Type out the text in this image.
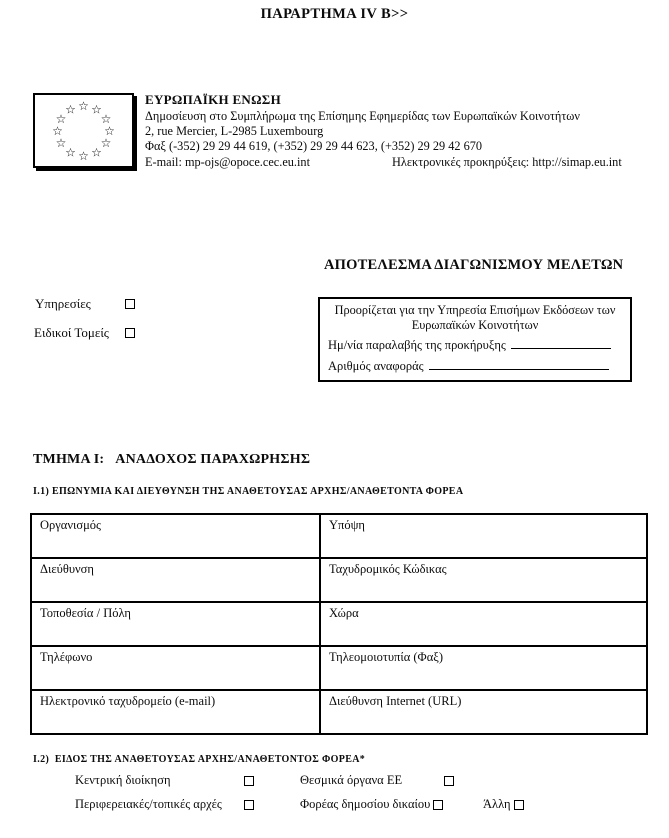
ΠΑΡΑΡΤΗΜΑ IV B>>
☆ ☆
☆
☆
☆
☆
☆
☆
☆
☆
☆
☆
ΕΥΡΩΠΑΪΚΗ ΕΝΩΣΗ
Δημοσίευση στο Συμπλήρωμα της Επίσημης Εφημερίδας των Ευρωπαϊκών Κοινοτήτων
2, rue Mercier, L-2985 Luxembourg
Φαξ (-352) 29 29 44 619, (+352) 29 29 44 623, (+352) 29 29 42 670
E-mail: mp-ojs@opoce.cec.eu.int	Ηλεκτρονικές προκηρύξεις: http://simap.eu.int
ΑΠΟΤΕΛΕΣΜΑ ΔΙΑΓΩΝΙΣΜΟΥ ΜΕΛΕΤΩΝ
Υπηρεσίες
Ειδικοί Τομείς
Προορίζεται για την Υπηρεσία Επισήμων Εκδόσεων των
Ευρωπαϊκών Κοινοτήτων
Ημ/νία παραλαβής της προκήρυξης
Αριθμός αναφοράς
ΤΜΗΜΑ I:   ΑΝΑΔΟΧΟΣ ΠΑΡΑΧΩΡΗΣΗΣ
I.1) ΕΠΩΝΥΜΙΑ ΚΑΙ ΔΙΕΥΘΥΝΣΗ ΤΗΣ ΑΝΑΘΕΤΟΥΣΑΣ ΑΡΧΗΣ/ΑΝΑΘΕΤΟΝΤΑ ΦΟΡΕΑ
Οργανισμός	Υπόψη
Διεύθυνση	Ταχυδρομικός Κώδικας
Τοποθεσία / Πόλη	Χώρα
Τηλέφωνο	Τηλεομοιοτυπία (Φαξ)
Ηλεκτρονικό ταχυδρομείο (e-mail)	Διεύθυνση Internet (URL)
I.2)  ΕΙΔΟΣ ΤΗΣ ΑΝΑΘΕΤΟΥΣΑΣ ΑΡΧΗΣ/ΑΝΑΘΕΤΟΝΤΟΣ ΦΟΡΕΑ*
Κεντρική διοίκηση	Θεσμικά όργανα ΕΕ
Περιφερειακές/τοπικές αρχές	Φορέας δημοσίου δικαίου	Άλλη
